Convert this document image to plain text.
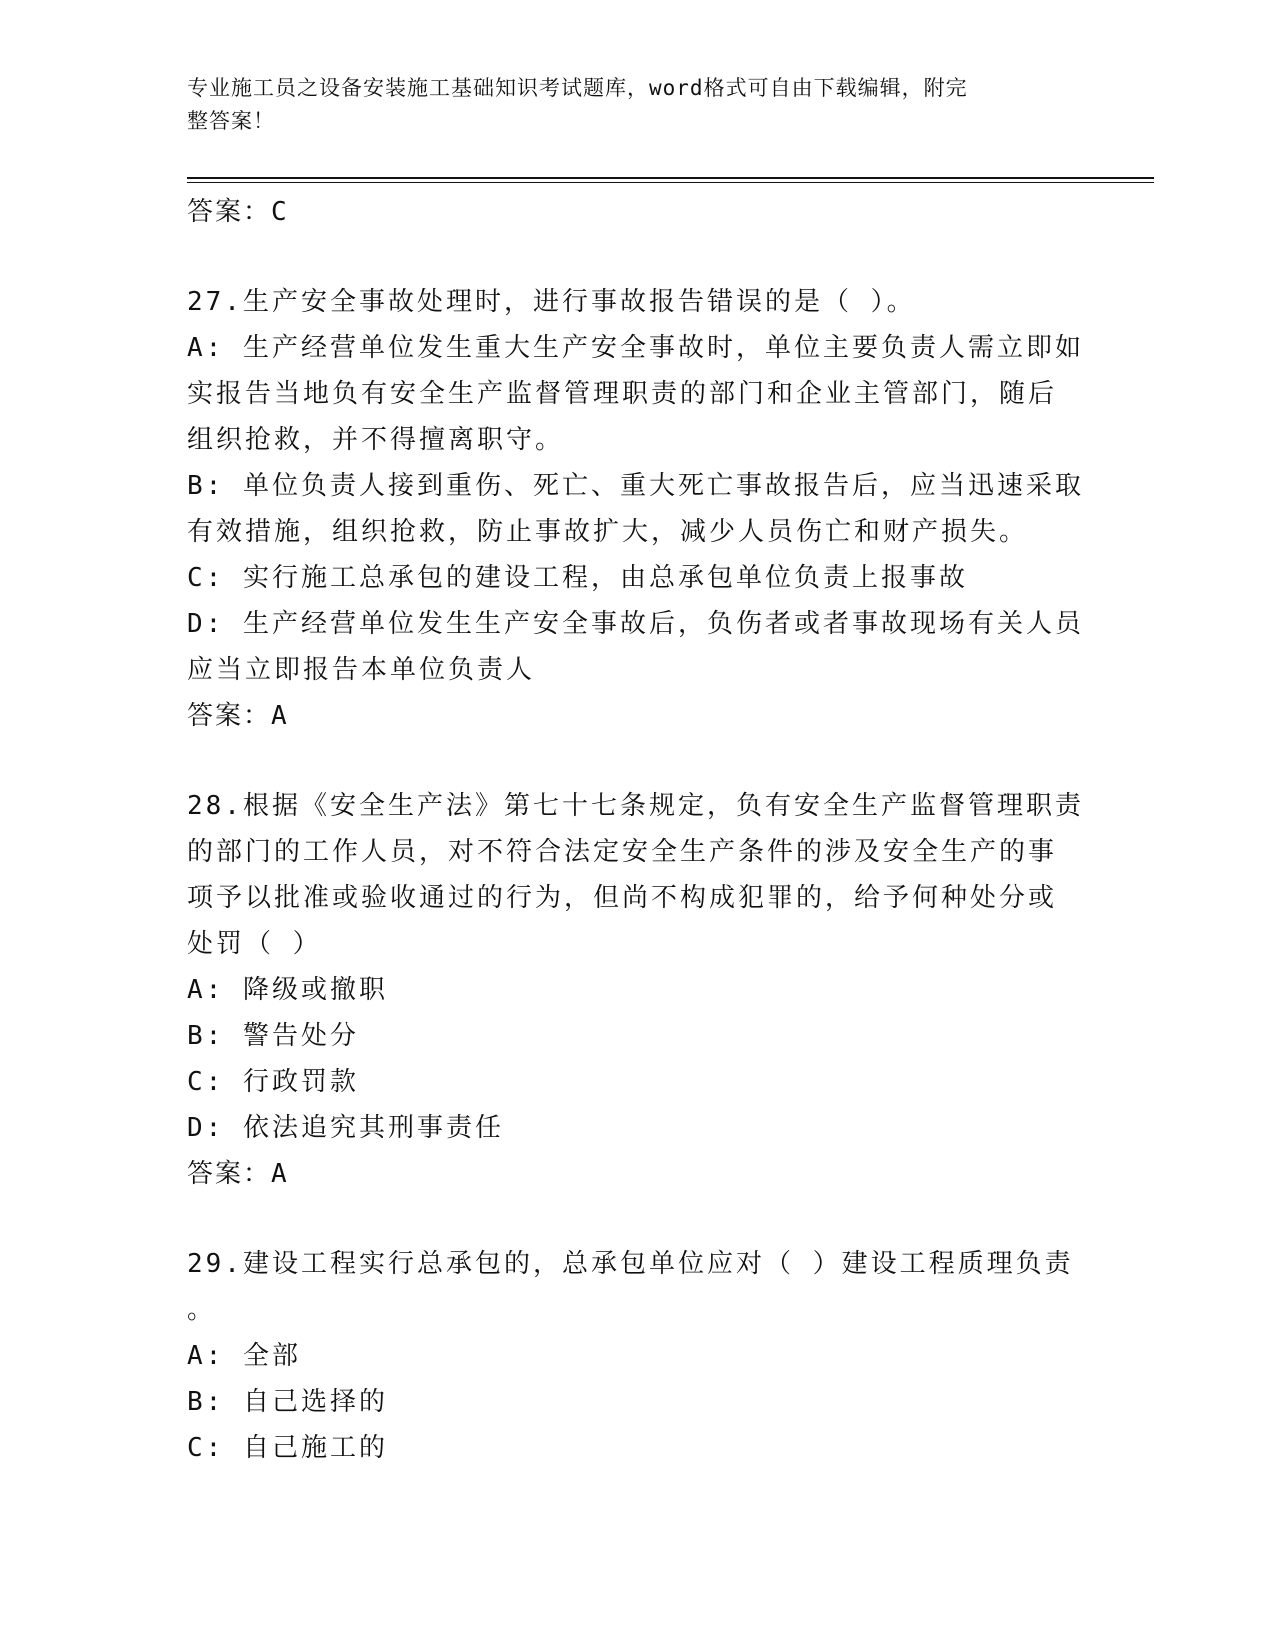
专业施工员之设备安装施工基础知识考试题库，word格式可自由下载编辑，附完
整答案！
答案：C
27.生产安全事故处理时，进行事故报告错误的是（ ）。
A: 生产经营单位发生重大生产安全事故时，单位主要负责人需立即如
实报告当地负有安全生产监督管理职责的部门和企业主管部门，随后
组织抢救，并不得擅离职守。
B: 单位负责人接到重伤、死亡、重大死亡事故报告后，应当迅速采取
有效措施，组织抢救，防止事故扩大，减少人员伤亡和财产损失。
C: 实行施工总承包的建设工程，由总承包单位负责上报事故
D: 生产经营单位发生生产安全事故后，负伤者或者事故现场有关人员
应当立即报告本单位负责人
答案：A
28.根据《安全生产法》第七十七条规定，负有安全生产监督管理职责
的部门的工作人员，对不符合法定安全生产条件的涉及安全生产的事
项予以批准或验收通过的行为，但尚不构成犯罪的，给予何种处分或
处罚（ ）
A: 降级或撤职
B: 警告处分
C: 行政罚款
D: 依法追究其刑事责任
答案：A
29.建设工程实行总承包的，总承包单位应对（ ）建设工程质理负责
。
A: 全部
B: 自己选择的
C: 自己施工的
